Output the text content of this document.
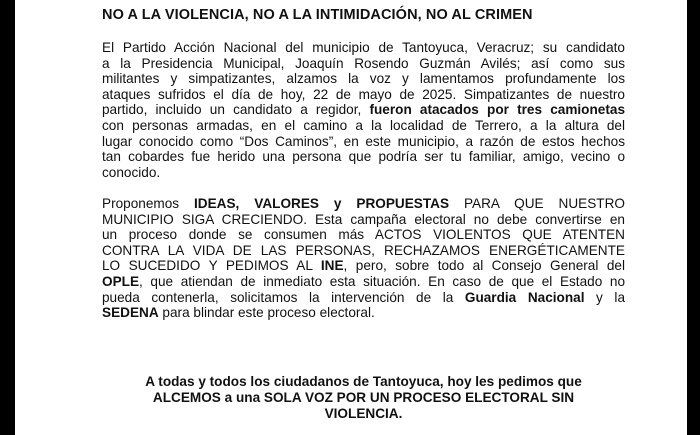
NO A LA VIOLENCIA, NO A LA INTIMIDACIÓN, NO AL CRIMEN
El Partido Acción Nacional del municipio de Tantoyuca, Veracruz; su candidato
a la Presidencia Municipal, Joaquín Rosendo Guzmán Avilés; así como sus
militantes y simpatizantes, alzamos la voz y lamentamos profundamente los
ataques sufridos el día de hoy, 22 de mayo de 2025. Simpatizantes de nuestro
partido, incluido un candidato a regidor, fueron atacados por tres camionetas
con personas armadas, en el camino a la localidad de Terrero, a la altura del
lugar conocido como “Dos Caminos”, en este municipio, a razón de estos hechos
tan cobardes fue herido una persona que podría ser tu familiar, amigo, vecino o
conocido.
Proponemos IDEAS, VALORES y PROPUESTAS PARA QUE NUESTRO
MUNICIPIO SIGA CRECIENDO. Esta campaña electoral no debe convertirse en
un proceso donde se consumen más ACTOS VIOLENTOS QUE ATENTEN
CONTRA LA VIDA DE LAS PERSONAS, RECHAZAMOS ENERGÉTICAMENTE
LO SUCEDIDO Y PEDIMOS AL INE, pero, sobre todo al Consejo General del
OPLE, que atiendan de inmediato esta situación. En caso de que el Estado no
pueda contenerla, solicitamos la intervención de la Guardia Nacional y la
SEDENA para blindar este proceso electoral.
A todas y todos los ciudadanos de Tantoyuca, hoy les pedimos que
ALCEMOS a una SOLA VOZ POR UN PROCESO ELECTORAL SIN
VIOLENCIA.
